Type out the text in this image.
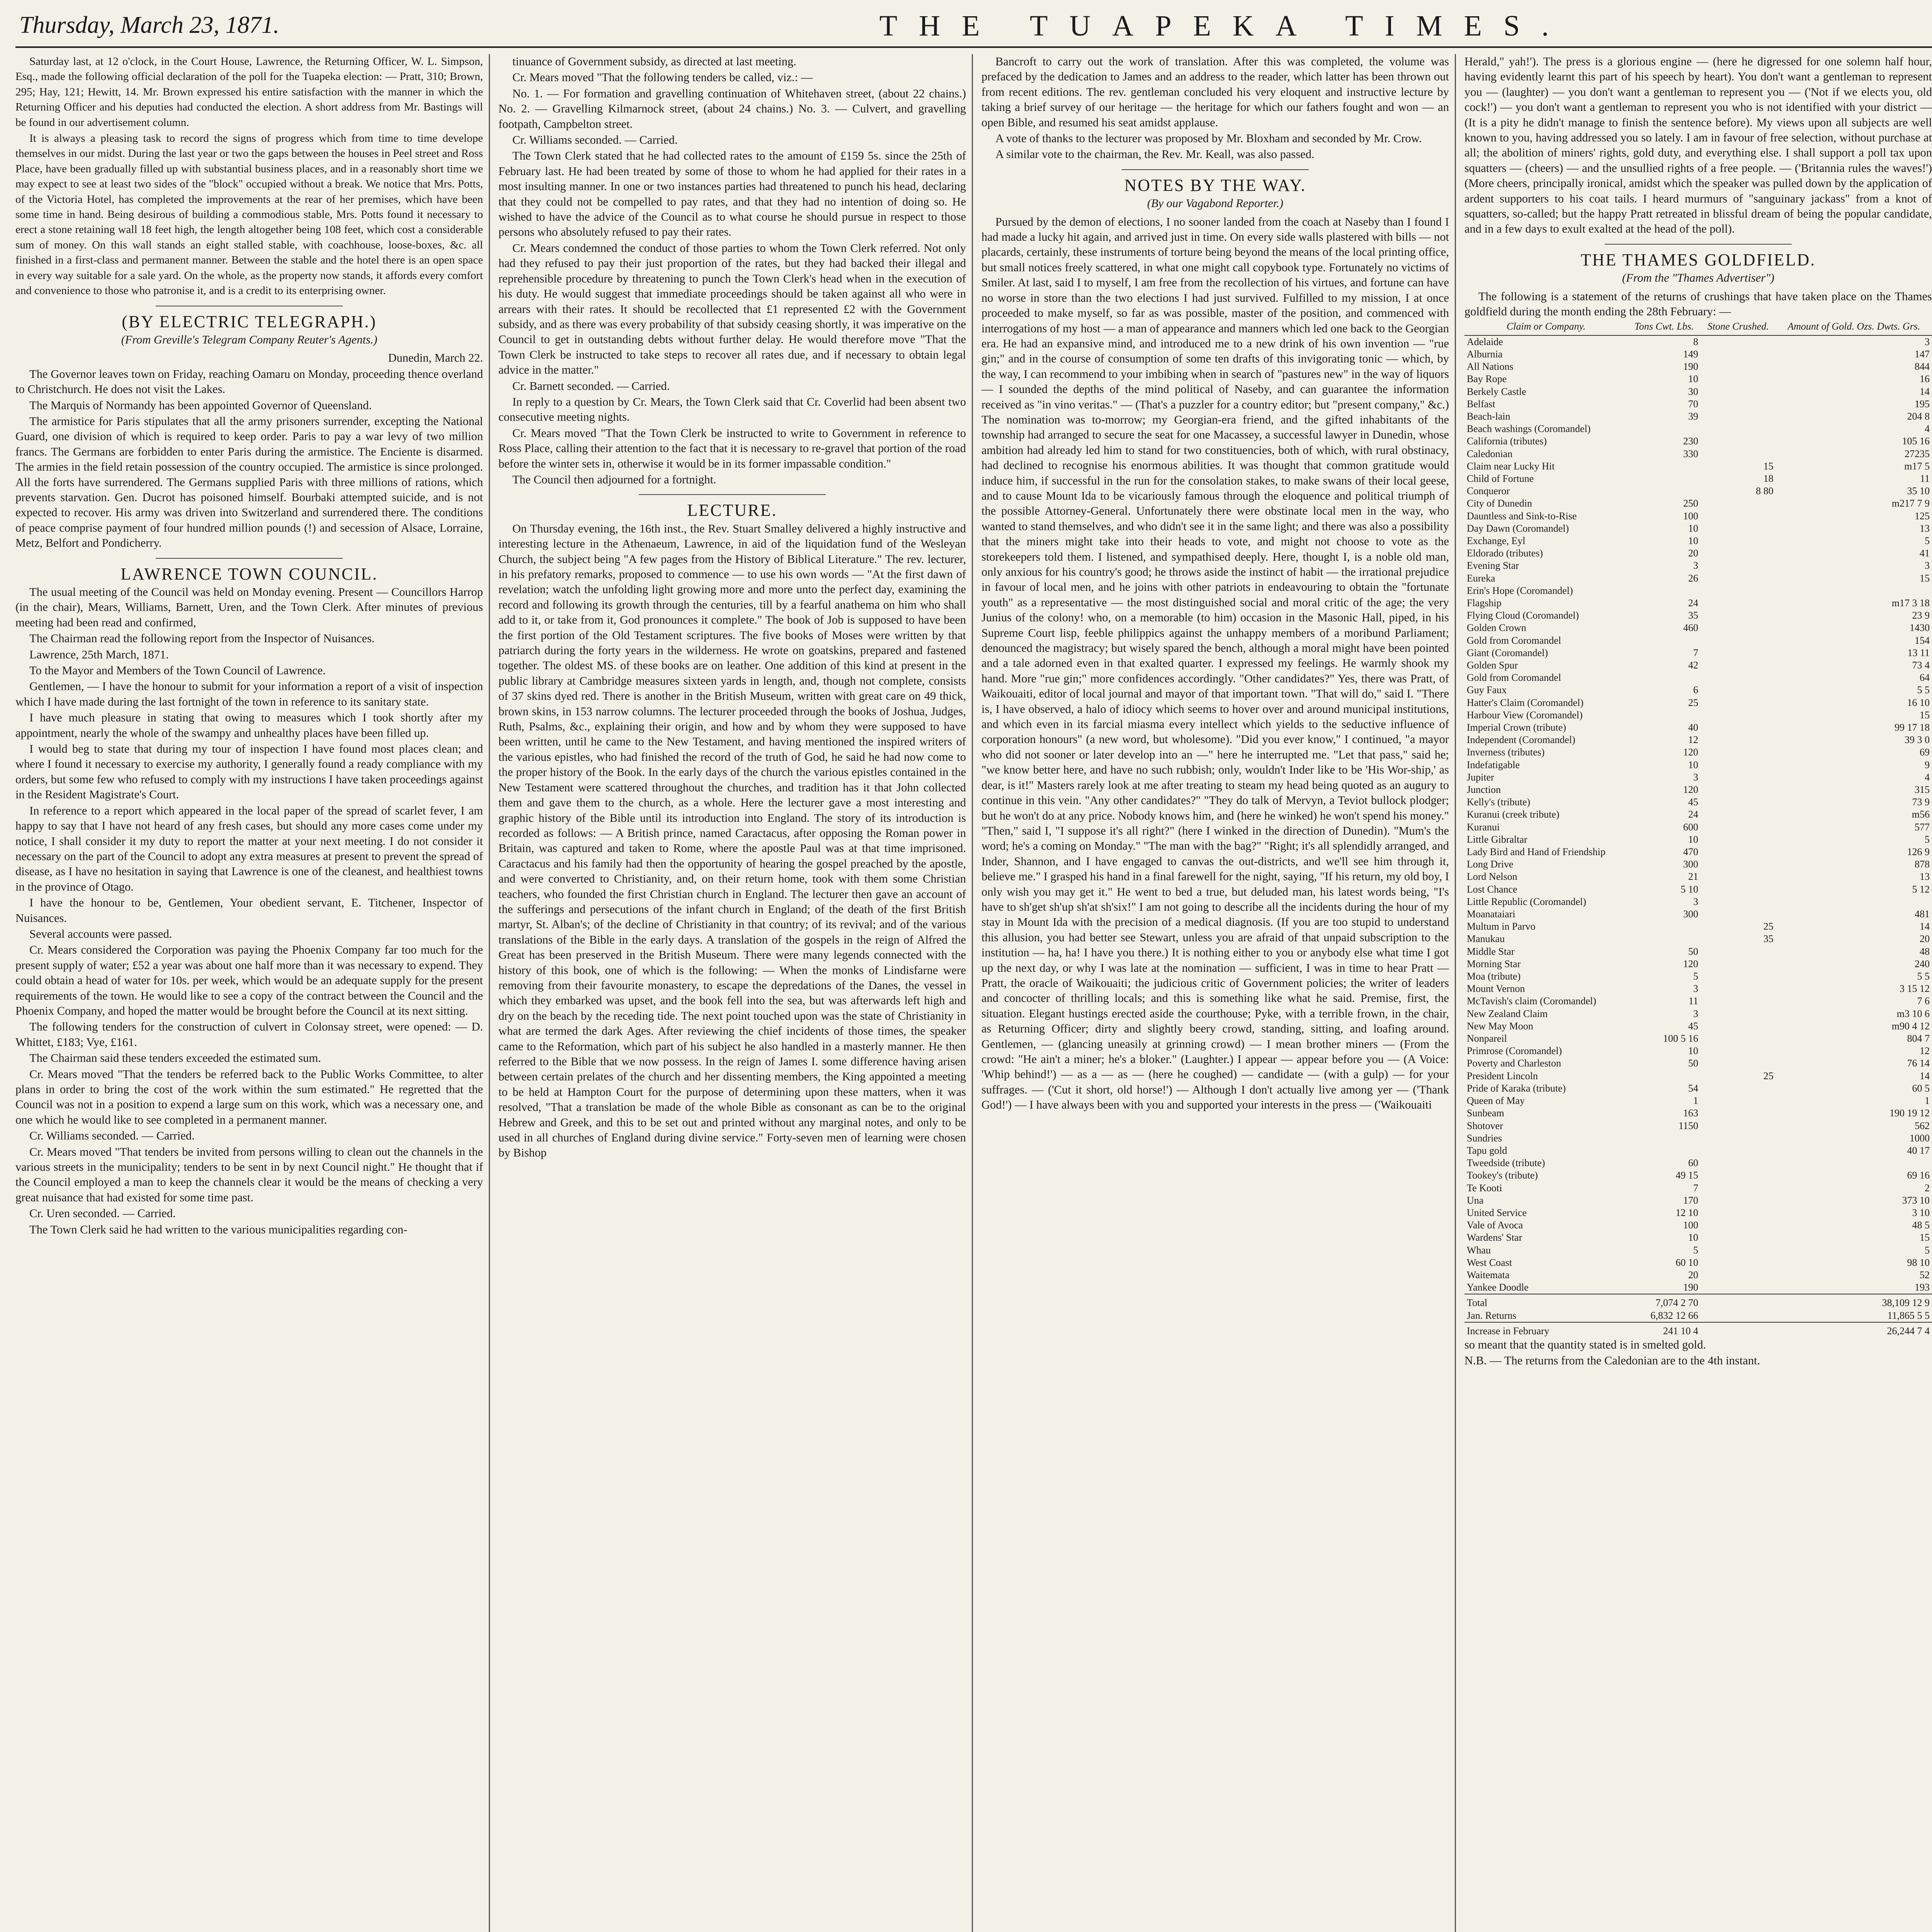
Thursday, March 23, 1871.	THE TUAPEKA TIMES.

Saturday last, at 12 o'clock, in the Court House, Lawrence, the Returning Officer, W. L. Simpson, Esq., made the following official declaration of the poll for the Tuapeka election: — Pratt, 310; Brown, 295; Hay, 121; Hewitt, 14. Mr. Brown expressed his entire satisfaction with the manner in which the Returning Officer and his deputies had conducted the election. A short address from Mr. Bastings will be found in our advertisement column.

It is always a pleasing task to record the signs of progress which from time to time develope themselves in our midst. During the last year or two the gaps between the houses in Peel street and Ross Place, have been gradually filled up with substantial business places, and in a reasonably short time we may expect to see at least two sides of the "block" occupied without a break. We notice that Mrs. Potts, of the Victoria Hotel, has completed the improvements at the rear of her premises, which have been some time in hand. Being desirous of building a commodious stable, Mrs. Potts found it necessary to erect a stone retaining wall 18 feet high, the length altogether being 108 feet, which cost a considerable sum of money. On this wall stands an eight stalled stable, with coachhouse, loose-boxes, &c. all finished in a first-class and permanent manner. Between the stable and the hotel there is an open space in every way suitable for a sale yard. On the whole, as the property now stands, it affords every comfort and convenience to those who patronise it, and is a credit to its enterprising owner.

(BY ELECTRIC TELEGRAPH.)

(From Greville's Telegram Company Reuter's Agents.)

Dunedin, March 22.

The Governor leaves town on Friday, reaching Oamaru on Monday, proceeding thence overland to Christchurch. He does not visit the Lakes.

The Marquis of Normandy has been appointed Governor of Queensland.

The armistice for Paris stipulates that all the army prisoners surrender, excepting the National Guard, one division of which is required to keep order. Paris to pay a war levy of two million francs. The Germans are forbidden to enter Paris during the armistice. The Enciente is disarmed. The armies in the field retain possession of the country occupied. The armistice is since prolonged. All the forts have surrendered. The Germans supplied Paris with three millions of rations, which prevents starvation. Gen. Ducrot has poisoned himself. Bourbaki attempted suicide, and is not expected to recover. His army was driven into Switzerland and surrendered there. The conditions of peace comprise payment of four hundred million pounds (!) and secession of Alsace, Lorraine, Metz, Belfort and Pondicherry.

LAWRENCE TOWN COUNCIL.

The usual meeting of the Council was held on Monday evening. Present — Councillors Harrop (in the chair), Mears, Williams, Barnett, Uren, and the Town Clerk. After minutes of previous meeting had been read and confirmed,

The Chairman read the following report from the Inspector of Nuisances.

Lawrence, 25th March, 1871.

To the Mayor and Members of the Town Council of Lawrence.

Gentlemen, — I have the honour to submit for your information a report of a visit of inspection which I have made during the last fortnight of the town in reference to its sanitary state.

I have much pleasure in stating that owing to measures which I took shortly after my appointment, nearly the whole of the swampy and unhealthy places have been filled up.

I would beg to state that during my tour of inspection I have found most places clean; and where I found it necessary to exercise my authority, I generally found a ready compliance with my orders, but some few who refused to comply with my instructions I have taken proceedings against in the Resident Magistrate's Court.

In reference to a report which appeared in the local paper of the spread of scarlet fever, I am happy to say that I have not heard of any fresh cases, but should any more cases come under my notice, I shall consider it my duty to report the matter at your next meeting. I do not consider it necessary on the part of the Council to adopt any extra measures at present to prevent the spread of disease, as I have no hesitation in saying that Lawrence is one of the cleanest, and healthiest towns in the province of Otago.

I have the honour to be, Gentlemen, Your obedient servant, E. Titchener, Inspector of Nuisances.

Several accounts were passed.

Cr. Mears considered the Corporation was paying the Phoenix Company far too much for the present supply of water; £52 a year was about one half more than it was necessary to expend. They could obtain a head of water for 10s. per week, which would be an adequate supply for the present requirements of the town. He would like to see a copy of the contract between the Council and the Phoenix Company, and hoped the matter would be brought before the Council at its next sitting.

The following tenders for the construction of culvert in Colonsay street, were opened: — D. Whittet, £183; Vye, £161.

The Chairman said these tenders exceeded the estimated sum.

Cr. Mears moved "That the tenders be referred back to the Public Works Committee, to alter plans in order to bring the cost of the work within the sum estimated." He regretted that the Council was not in a position to expend a large sum on this work, which was a necessary one, and one which he would like to see completed in a permanent manner.

Cr. Williams seconded. — Carried.

Cr. Mears moved "That tenders be invited from persons willing to clean out the channels in the various streets in the municipality; tenders to be sent in by next Council night." He thought that if the Council employed a man to keep the channels clear it would be the means of checking a very great nuisance that had existed for some time past.

Cr. Uren seconded. — Carried.

The Town Clerk said he had written to the various municipalities regarding con-

tinuance of Government subsidy, as directed at last meeting.

Cr. Mears moved "That the following tenders be called, viz.: —

No. 1. — For formation and gravelling continuation of Whitehaven street, (about 22 chains.) No. 2. — Gravelling Kilmarnock street, (about 24 chains.) No. 3. — Culvert, and gravelling footpath, Campbelton street.

Cr. Williams seconded. — Carried.

The Town Clerk stated that he had collected rates to the amount of £159 5s. since the 25th of February last. He had been treated by some of those to whom he had applied for their rates in a most insulting manner. In one or two instances parties had threatened to punch his head, declaring that they could not be compelled to pay rates, and that they had no intention of doing so. He wished to have the advice of the Council as to what course he should pursue in respect to those persons who absolutely refused to pay their rates.

Cr. Mears condemned the conduct of those parties to whom the Town Clerk referred. Not only had they refused to pay their just proportion of the rates, but they had backed their illegal and reprehensible procedure by threatening to punch the Town Clerk's head when in the execution of his duty. He would suggest that immediate proceedings should be taken against all who were in arrears with their rates. It should be recollected that £1 represented £2 with the Government subsidy, and as there was every probability of that subsidy ceasing shortly, it was imperative on the Council to get in outstanding debts without further delay. He would therefore move "That the Town Clerk be instructed to take steps to recover all rates due, and if necessary to obtain legal advice in the matter."

Cr. Barnett seconded. — Carried.

In reply to a question by Cr. Mears, the Town Clerk said that Cr. Coverlid had been absent two consecutive meeting nights.

Cr. Mears moved "That the Town Clerk be instructed to write to Government in reference to Ross Place, calling their attention to the fact that it is necessary to re-gravel that portion of the road before the winter sets in, otherwise it would be in its former impassable condition."

The Council then adjourned for a fortnight.

LECTURE.

On Thursday evening, the 16th inst., the Rev. Stuart Smalley delivered a highly instructive and interesting lecture in the Athenaeum, Lawrence, in aid of the liquidation fund of the Wesleyan Church, the subject being "A few pages from the History of Biblical Literature." The rev. lecturer, in his prefatory remarks, proposed to commence — to use his own words — "At the first dawn of revelation; watch the unfolding light growing more and more unto the perfect day, examining the record and following its growth through the centuries, till by a fearful anathema on him who shall add to it, or take from it, God pronounces it complete." The book of Job is supposed to have been the first portion of the Old Testament scriptures. The five books of Moses were written by that patriarch during the forty years in the wilderness. He wrote on goatskins, prepared and fastened together. The oldest MS. of these books are on leather. One addition of this kind at present in the public library at Cambridge measures sixteen yards in length, and, though not complete, consists of 37 skins dyed red. There is another in the British Museum, written with great care on 49 thick, brown skins, in 153 narrow columns. The lecturer proceeded through the books of Joshua, Judges, Ruth, Psalms, &c., explaining their origin, and how and by whom they were supposed to have been written, until he came to the New Testament, and having mentioned the inspired writers of the various epistles, who had finished the record of the truth of God, he said he had now come to the proper history of the Book. In the early days of the church the various epistles contained in the New Testament were scattered throughout the churches, and tradition has it that John collected them and gave them to the church, as a whole. Here the lecturer gave a most interesting and graphic history of the Bible until its introduction into England. The story of its introduction is recorded as follows: — A British prince, named Caractacus, after opposing the Roman power in Britain, was captured and taken to Rome, where the apostle Paul was at that time imprisoned. Caractacus and his family had then the opportunity of hearing the gospel preached by the apostle, and were converted to Christianity, and, on their return home, took with them some Christian teachers, who founded the first Christian church in England. The lecturer then gave an account of the sufferings and persecutions of the infant church in England; of the death of the first British martyr, St. Alban's; of the decline of Christianity in that country; of its revival; and of the various translations of the Bible in the early days. A translation of the gospels in the reign of Alfred the Great has been preserved in the British Museum. There were many legends connected with the history of this book, one of which is the following: — When the monks of Lindisfarne were removing from their favourite monastery, to escape the depredations of the Danes, the vessel in which they embarked was upset, and the book fell into the sea, but was afterwards left high and dry on the beach by the receding tide. The next point touched upon was the state of Christianity in what are termed the dark Ages. After reviewing the chief incidents of those times, the speaker came to the Reformation, which part of his subject he also handled in a masterly manner. He then referred to the Bible that we now possess. In the reign of James I. some difference having arisen between certain prelates of the church and her dissenting members, the King appointed a meeting to be held at Hampton Court for the purpose of determining upon these matters, when it was resolved, "That a translation be made of the whole Bible as consonant as can be to the original Hebrew and Greek, and this to be set out and printed without any marginal notes, and only to be used in all churches of England during divine service." Forty-seven men of learning were chosen by Bishop

Bancroft to carry out the work of translation. After this was completed, the volume was prefaced by the dedication to James and an address to the reader, which latter has been thrown out from recent editions. The rev. gentleman concluded his very eloquent and instructive lecture by taking a brief survey of our heritage — the heritage for which our fathers fought and won — an open Bible, and resumed his seat amidst applause.

A vote of thanks to the lecturer was proposed by Mr. Bloxham and seconded by Mr. Crow.

A similar vote to the chairman, the Rev. Mr. Keall, was also passed.

NOTES BY THE WAY.

(By our Vagabond Reporter.)

Pursued by the demon of elections, I no sooner landed from the coach at Naseby than I found I had made a lucky hit again, and arrived just in time. On every side walls plastered with bills — not placards, certainly, these instruments of torture being beyond the means of the local printing office, but small notices freely scattered, in what one might call copybook type. Fortunately no victims of Smiler. At last, said I to myself, I am free from the recollection of his virtues, and fortune can have no worse in store than the two elections I had just survived. Fulfilled to my mission, I at once proceeded to make myself, so far as was possible, master of the position, and commenced with interrogations of my host — a man of appearance and manners which led one back to the Georgian era. He had an expansive mind, and introduced me to a new drink of his own invention — "rue gin;" and in the course of consumption of some ten drafts of this invigorating tonic — which, by the way, I can recommend to your imbibing when in search of "pastures new" in the way of liquors — I sounded the depths of the mind political of Naseby, and can guarantee the information received as "in vino veritas." — (That's a puzzler for a country editor; but "present company," &c.) The nomination was to-morrow; my Georgian-era friend, and the gifted inhabitants of the township had arranged to secure the seat for one Macassey, a successful lawyer in Dunedin, whose ambition had already led him to stand for two constituencies, both of which, with rural obstinacy, had declined to recognise his enormous abilities. It was thought that common gratitude would induce him, if successful in the run for the consolation stakes, to make swans of their local geese, and to cause Mount Ida to be vicariously famous through the eloquence and political triumph of the possible Attorney-General. Unfortunately there were obstinate local men in the way, who wanted to stand themselves, and who didn't see it in the same light; and there was also a possibility that the miners might take into their heads to vote, and might not choose to vote as the storekeepers told them. I listened, and sympathised deeply. Here, thought I, is a noble old man, only anxious for his country's good; he throws aside the instinct of habit — the irrational prejudice in favour of local men, and he joins with other patriots in endeavouring to obtain the "fortunate youth" as a representative — the most distinguished social and moral critic of the age; the very Junius of the colony! who, on a memorable (to him) occasion in the Masonic Hall, piped, in his Supreme Court lisp, feeble philippics against the unhappy members of a moribund Parliament; denounced the magistracy; but wisely spared the bench, although a moral might have been pointed and a tale adorned even in that exalted quarter. I expressed my feelings. He warmly shook my hand. More "rue gin;" more confidences accordingly. "Other candidates?" Yes, there was Pratt, of Waikouaiti, editor of local journal and mayor of that important town. "That will do," said I. "There is, I have observed, a halo of idiocy which seems to hover over and around municipal institutions, and which even in its farcial miasma every intellect which yields to the seductive influence of corporation honours" (a new word, but wholesome). "Did you ever know," I continued, "a mayor who did not sooner or later develop into an —" here he interrupted me. "Let that pass," said he; "we know better here, and have no such rubbish; only, wouldn't Inder like to be 'His Wor-ship,' as dear, is it!" Masters rarely look at me after treating to steam my head being quoted as an augury to continue in this vein. "Any other candidates?" "They do talk of Mervyn, a Teviot bullock plodger; but he won't do at any price. Nobody knows him, and (here he winked) he won't spend his money." "Then," said I, "I suppose it's all right?" (here I winked in the direction of Dunedin). "Mum's the word; he's a coming on Monday." "The man with the bag?" "Right; it's all splendidly arranged, and Inder, Shannon, and I have engaged to canvas the out-districts, and we'll see him through it, believe me." I grasped his hand in a final farewell for the night, saying, "If his return, my old boy, I only wish you may get it." He went to bed a true, but deluded man, his latest words being, "I's have to sh'get sh'up sh'at sh'six!" I am not going to describe all the incidents during the hour of my stay in Mount Ida with the precision of a medical diagnosis. (If you are too stupid to understand this allusion, you had better see Stewart, unless you are afraid of that unpaid subscription to the institution — ha, ha! I have you there.) It is nothing either to you or anybody else what time I got up the next day, or why I was late at the nomination — sufficient, I was in time to hear Pratt — Pratt, the oracle of Waikouaiti; the judicious critic of Government policies; the writer of leaders and concocter of thrilling locals; and this is something like what he said. Premise, first, the situation. Elegant hustings erected aside the courthouse; Pyke, with a terrible frown, in the chair, as Returning Officer; dirty and slightly beery crowd, standing, sitting, and loafing around. Gentlemen, — (glancing uneasily at grinning crowd) — I mean brother miners — (From the crowd: "He ain't a miner; he's a bloker." (Laughter.) I appear — appear before you — (A Voice: 'Whip behind!') — as a — as — (here he coughed) — candidate — (with a gulp) — for your suffrages. — ('Cut it short, old horse!') — Although I don't actually live among yer — ('Thank God!') — I have always been with you and supported your interests in the press — ('Waikouaiti

Herald," yah!'). The press is a glorious engine — (here he digressed for one solemn half hour, having evidently learnt this part of his speech by heart). You don't want a gentleman to represent you — (laughter) — you don't want a gentleman to represent you — ('Not if we elects you, old cock!') — you don't want a gentleman to represent you who is not identified with your district — (It is a pity he didn't manage to finish the sentence before). My views upon all subjects are well known to you, having addressed you so lately. I am in favour of free selection, without purchase at all; the abolition of miners' rights, gold duty, and everything else. I shall support a poll tax upon squatters — (cheers) — and the unsullied rights of a free people. — ('Britannia rules the waves!') (More cheers, principally ironical, amidst which the speaker was pulled down by the application of ardent supporters to his coat tails. I heard murmurs of "sanguinary jackass" from a knot of squatters, so-called; but the happy Pratt retreated in blissful dream of being the popular candidate, and in a few days to exult exalted at the head of the poll).

THE THAMES GOLDFIELD.

(From the "Thames Advertiser")

The following is a statement of the returns of crushings that have taken place on the Thames goldfield during the month ending the 28th February: —

Claim or Company.	Tons Cwt. Lbs.	Stone Crushed.	Amount of Gold. Ozs. Dwts. Grs.
Adelaide	8		3
Alburnia	149		147
All Nations	190		844
Bay Rope	10		16
Berkely Castle	30		14
Belfast	70		195
Beach-lain	39		204 8
Beach washings (Coromandel)			4
California (tributes)	230		105 16
Caledonian	330		27235
Claim near Lucky Hit		15	m17 5
Child of Fortune		18	11
Conqueror		8 80	35 10
City of Dunedin	250		m217 7 9
Dauntless and Sink-to-Rise	100		125
Day Dawn (Coromandel)	10		13
Exchange, Eyl	10		5
Eldorado (tributes)	20		41
Evening Star	3		3
Eureka	26		15
Erin's Hope (Coromandel)			
Flagship	24		m17 3 18
Flying Cloud (Coromandel)	35		23 9
Golden Crown	460		1430
Gold from Coromandel			154
Giant (Coromandel)	7		13 11
Golden Spur	42		73 4
Gold from Coromandel			64
Guy Faux	6		5 5
Hatter's Claim (Coromandel)	25		16 10
Harbour View (Coromandel)			15
Imperial Crown (tribute)	40		99 17 18
Independent (Coromandel)	12		39 3 0
Inverness (tributes)	120		69
Indefatigable	10		9
Jupiter	3		4
Junction	120		315
Kelly's (tribute)	45		73 9
Kuranui (creek tribute)	24		m56
Kuranui	600		577
Little Gibraltar	10		5
Lady Bird and Hand of Friendship	470		126 9
Long Drive	300		878
Lord Nelson	21		13
Lost Chance	5 10		5 12
Little Republic (Coromandel)	3		
Moanataiari	300		481
Multum in Parvo		25	14
Manukau		35	20
Middle Star	50		48
Morning Star	120		240
Moa (tribute)	5		5 5
Mount Vernon	3		3 15 12
McTavish's claim (Coromandel)	11		7 6
New Zealand Claim	3		m3 10 6
New May Moon	45		m90 4 12
Nonpareil	100 5 16		804 7
Primrose (Coromandel)	10		12
Poverty and Charleston	50		76 14
President Lincoln		25	14
Pride of Karaka (tribute)	54		60 5
Queen of May	1		1
Sunbeam	163		190 19 12
Shotover	1150		562
Sundries			1000
Tapu gold			40 17
Tweedside (tribute)	60		
Tookey's (tribute)	49 15		69 16
Te Kooti	7		2
Una	170		373 10
United Service	12 10		3 10
Vale of Avoca	100		48 5
Wardens' Star	10		15
Whau	5		5
West Coast	60 10		98 10
Waitemata	20		52
Yankee Doodle	190		193
Total	7,074 2 70		38,109 12 9
Jan. Returns	6,832 12 66		11,865 5 5
Increase in February	241 10 4		26,244 7 4

so meant that the quantity stated is in smelted gold.

N.B. — The returns from the Caledonian are to the 4th instant.
